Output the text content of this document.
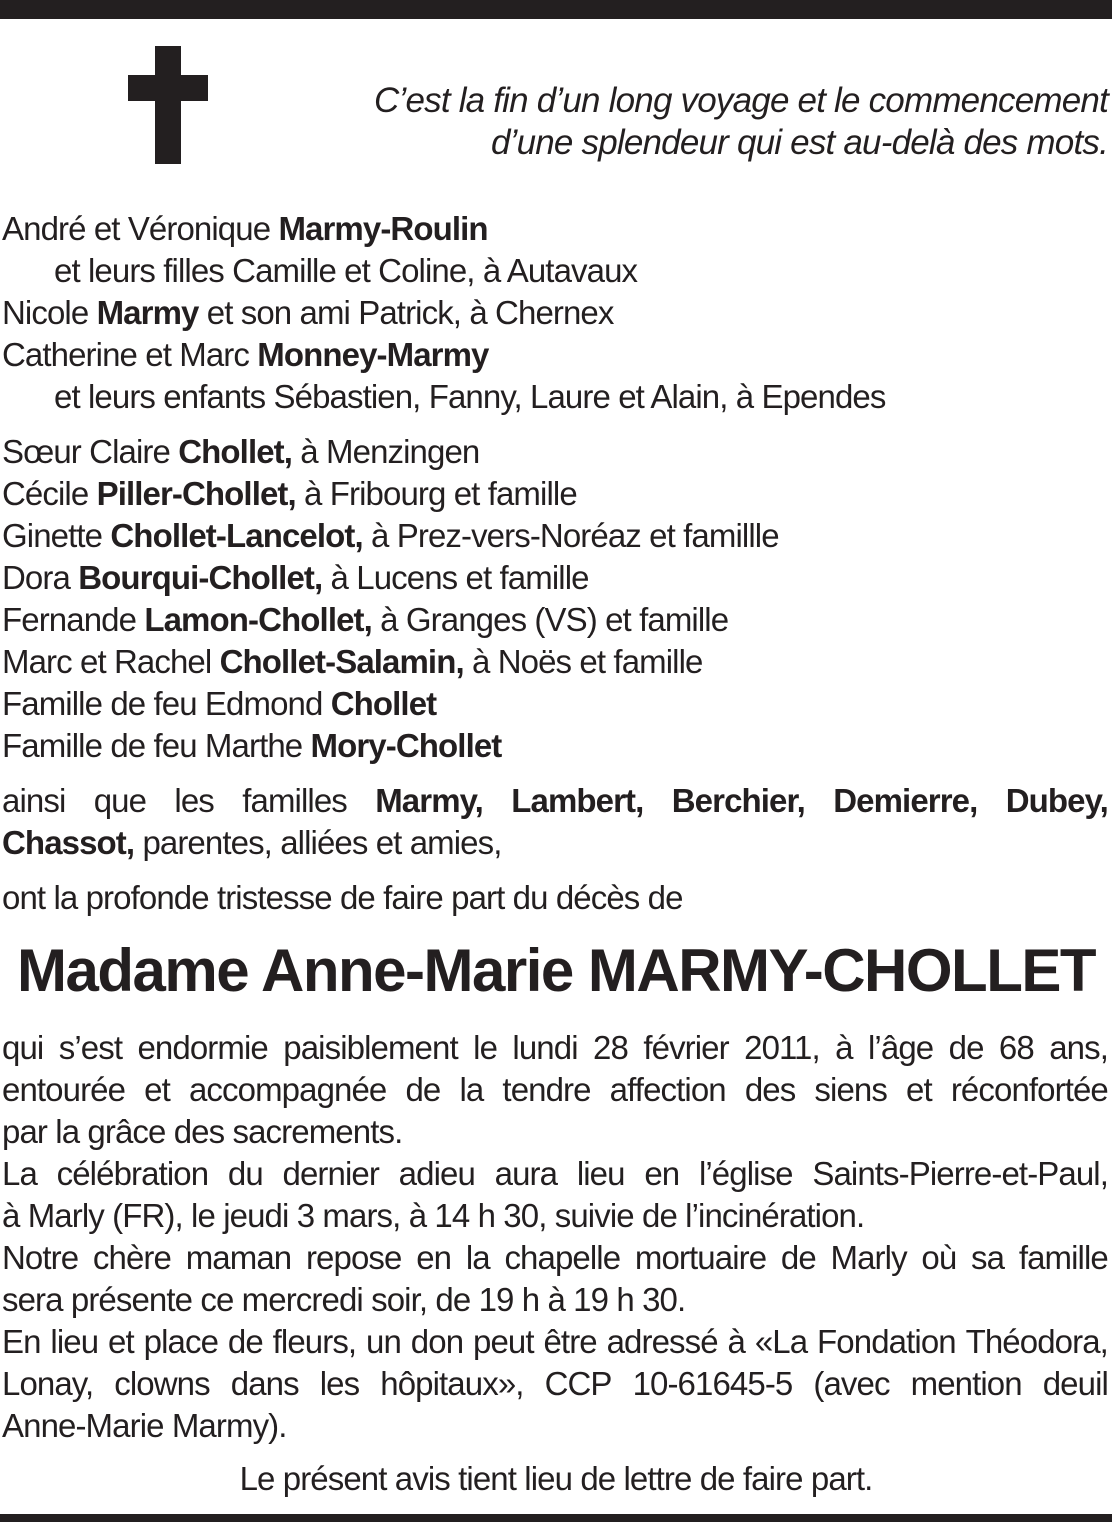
C’est la fin d’un long voyage et le commencement
d’une splendeur qui est au-delà des mots.
André et Véronique Marmy-Roulin
et leurs filles Camille et Coline, à Autavaux
Nicole Marmy et son ami Patrick, à Chernex
Catherine et Marc Monney-Marmy
et leurs enfants Sébastien, Fanny, Laure et Alain, à Ependes
Sœur Claire Chollet, à Menzingen
Cécile Piller-Chollet, à Fribourg et famille
Ginette Chollet-Lancelot, à Prez-vers-Noréaz et famillle
Dora Bourqui-Chollet, à Lucens et famille
Fernande Lamon-Chollet, à Granges (VS) et famille
Marc et Rachel Chollet-Salamin, à Noës et famille
Famille de feu Edmond Chollet
Famille de feu Marthe Mory-Chollet
ainsi que les familles Marmy, Lambert, Berchier, Demierre, Dubey,
Chassot, parentes, alliées et amies,
ont la profonde tristesse de faire part du décès de
Madame Anne-Marie MARMY-CHOLLET
qui s’est endormie paisiblement le lundi 28 février 2011, à l’âge de 68 ans,
entourée et accompagnée de la tendre affection des siens et réconfortée
par la grâce des sacrements.
La célébration du dernier adieu aura lieu en l’église Saints-Pierre-et-Paul,
à Marly (FR), le jeudi 3 mars, à 14 h 30, suivie de l’incinération.
Notre chère maman repose en la chapelle mortuaire de Marly où sa famille
sera présente ce mercredi soir, de 19 h à 19 h 30.
En lieu et place de fleurs, un don peut être adressé à «La Fondation Théodora,
Lonay, clowns dans les hôpitaux», CCP 10-61645-5 (avec mention deuil
Anne-Marie Marmy).
Le présent avis tient lieu de lettre de faire part.
